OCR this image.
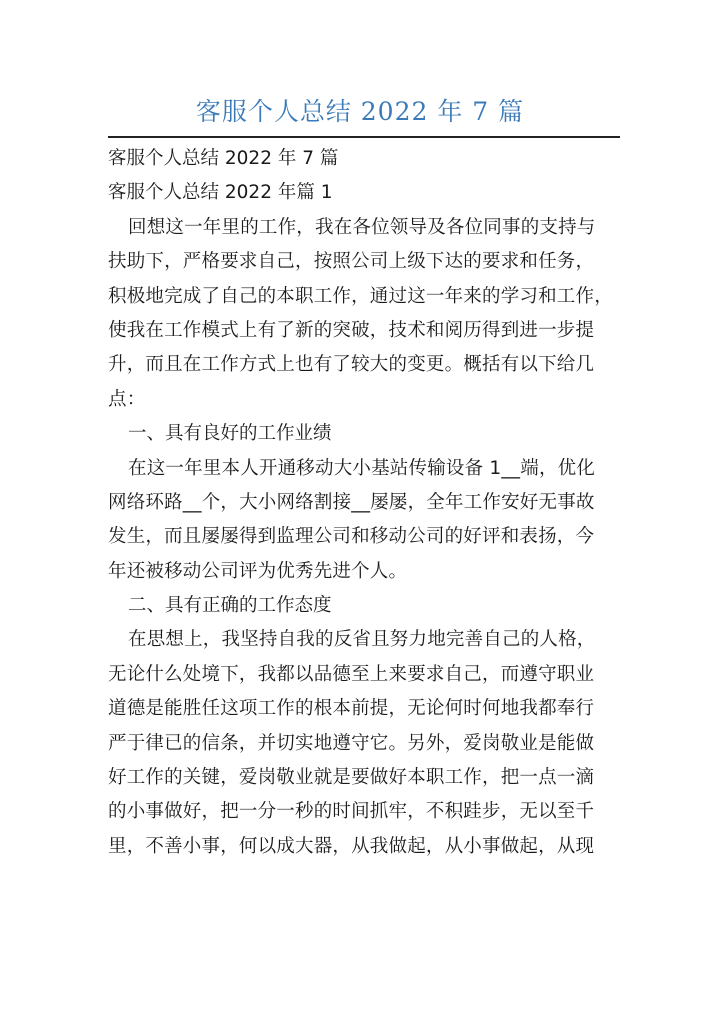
客服个人总结 2022 年 7 篇
客服个人总结 2022 年 7 篇
客服个人总结 2022 年篇 1
回想这一年里的工作，我在各位领导及各位同事的支持与
扶助下，严格要求自己，按照公司上级下达的要求和任务，
积极地完成了自己的本职工作，通过这一年来的学习和工作，
使我在工作模式上有了新的突破，技术和阅历得到进一步提
升，而且在工作方式上也有了较大的变更。概括有以下给几
点：
一、具有良好的工作业绩
在这一年里本人开通移动大小基站传输设备 1__端，优化
网络环路__个，大小网络割接__屡屡，全年工作安好无事故
发生，而且屡屡得到监理公司和移动公司的好评和表扬，今
年还被移动公司评为优秀先进个人。
二、具有正确的工作态度
在思想上，我坚持自我的反省且努力地完善自己的人格，
无论什么处境下，我都以品德至上来要求自己，而遵守职业
道德是能胜任这项工作的根本前提，无论何时何地我都奉行
严于律已的信条，并切实地遵守它。另外，爱岗敬业是能做
好工作的关键，爱岗敬业就是要做好本职工作，把一点一滴
的小事做好，把一分一秒的时间抓牢，不积跬步，无以至千
里，不善小事，何以成大器，从我做起，从小事做起，从现
